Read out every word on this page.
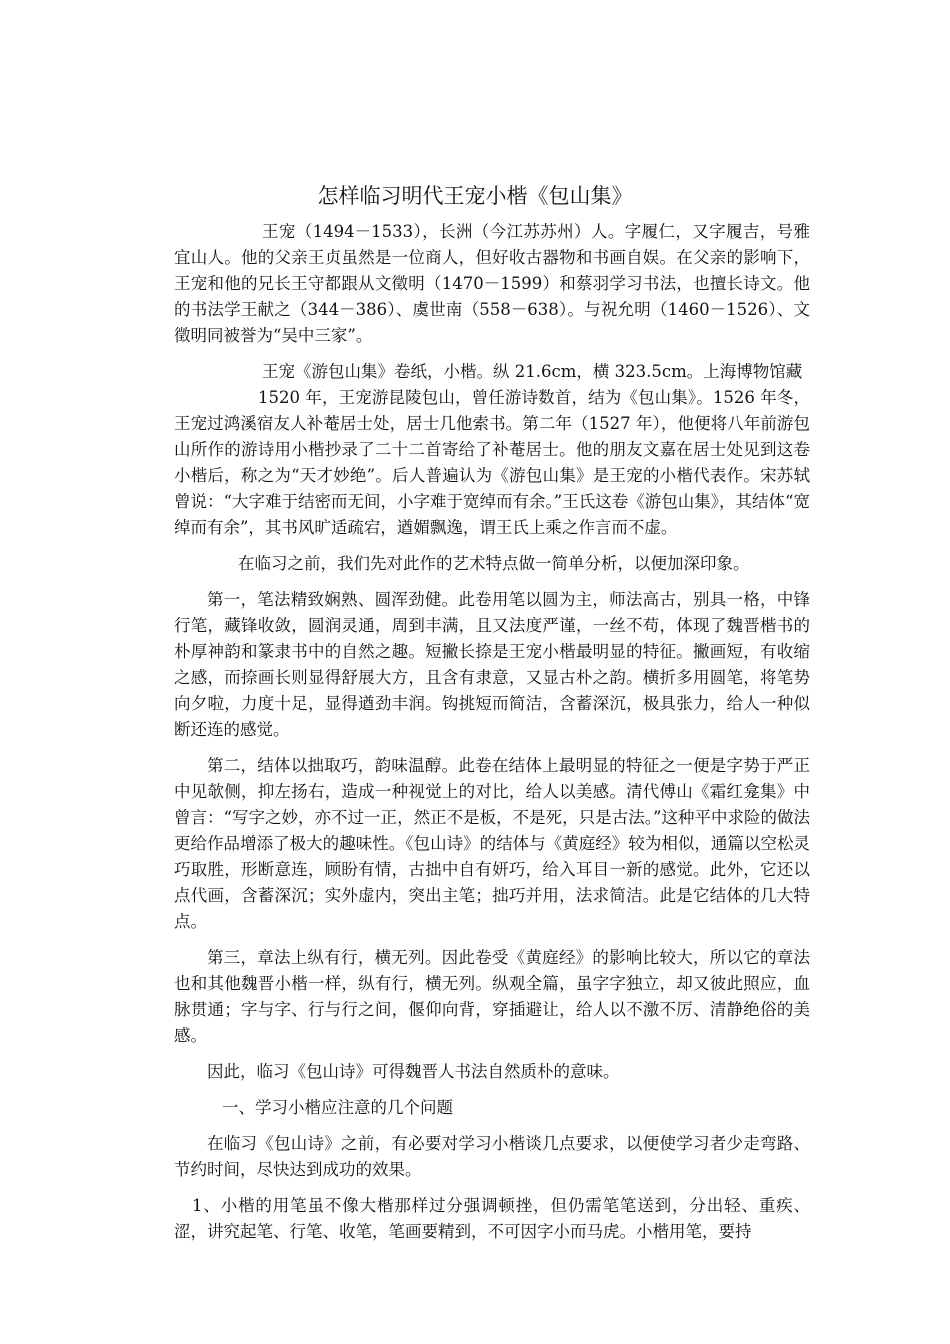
怎样临习明代王宠小楷《包山集》

王宠（1494－1533），长洲（今江苏苏州）人。字履仁，又字履吉，号雅宜山人。他的父亲王贞虽然是一位商人，但好收古器物和书画自娱。在父亲的影响下，王宠和他的兄长王守都跟从文徵明（1470－1599）和蔡羽学习书法，也擅长诗文。他的书法学王献之（344－386）、虞世南（558－638）。与祝允明（1460－1526）、文徵明同被誉为“吴中三家”。

王宠《游包山集》卷纸，小楷。纵 21.6cm，横 323.5cm。上海博物馆藏

1520 年，王宠游昆陵包山，曾任游诗数首，结为《包山集》。1526 年冬，王宠过鸿溪宿友人补菴居士处，居士几他索书。第二年（1527 年），他便将八年前游包山所作的游诗用小楷抄录了二十二首寄给了补菴居士。他的朋友文嘉在居士处见到这卷小楷后，称之为“天才妙绝”。后人普遍认为《游包山集》是王宠的小楷代表作。宋苏轼曾说：“大字难于结密而无间，小字难于宽绰而有余。”王氏这卷《游包山集》，其结体“宽绰而有余”，其书风旷适疏宕，遒媚飘逸，谓王氏上乘之作言而不虚。

在临习之前，我们先对此作的艺术特点做一简单分析，以便加深印象。

第一，笔法精致娴熟、圆浑劲健。此卷用笔以圆为主，师法高古，别具一格，中锋行笔，藏锋收敛，圆润灵通，周到丰满，且又法度严谨，一丝不苟，体现了魏晋楷书的朴厚神韵和篆隶书中的自然之趣。短撇长捺是王宠小楷最明显的特征。撇画短，有收缩之感，而捺画长则显得舒展大方，且含有隶意，又显古朴之韵。横折多用圆笔，将笔势向夕啦，力度十足，显得遒劲丰润。钩挑短而简洁，含蓄深沉，极具张力，给人一种似断还连的感觉。

第二，结体以拙取巧，韵味温醇。此卷在结体上最明显的特征之一便是字势于严正中见欹侧，抑左扬右，造成一种视觉上的对比，给人以美感。清代傅山《霜红龛集》中曾言：“写字之妙，亦不过一正，然正不是板，不是死，只是古法。”这种平中求险的做法更给作品增添了极大的趣味性。《包山诗》的结体与《黄庭经》较为相似，通篇以空松灵巧取胜，形断意连，顾盼有情，古拙中自有妍巧，给入耳目一新的感觉。此外，它还以点代画，含蓄深沉；实外虚内，突出主笔；拙巧并用，法求简洁。此是它结体的几大特点。

第三，章法上纵有行，横无列。因此卷受《黄庭经》的影响比较大，所以它的章法也和其他魏晋小楷一样，纵有行，横无列。纵观全篇，虽字字独立，却又彼此照应，血脉贯通；字与字、行与行之间，偃仰向背，穿插避让，给人以不激不厉、清静绝俗的美感。

因此，临习《包山诗》可得魏晋人书法自然质朴的意味。

一、学习小楷应注意的几个问题

在临习《包山诗》之前，有必要对学习小楷谈几点要求，以便使学习者少走弯路、节约时间，尽快达到成功的效果。

1、小楷的用笔虽不像大楷那样过分强调顿挫，但仍需笔笔送到，分出轻、重疾、涩，讲究起笔、行笔、收笔，笔画要精到，不可因字小而马虎。小楷用笔，要持
